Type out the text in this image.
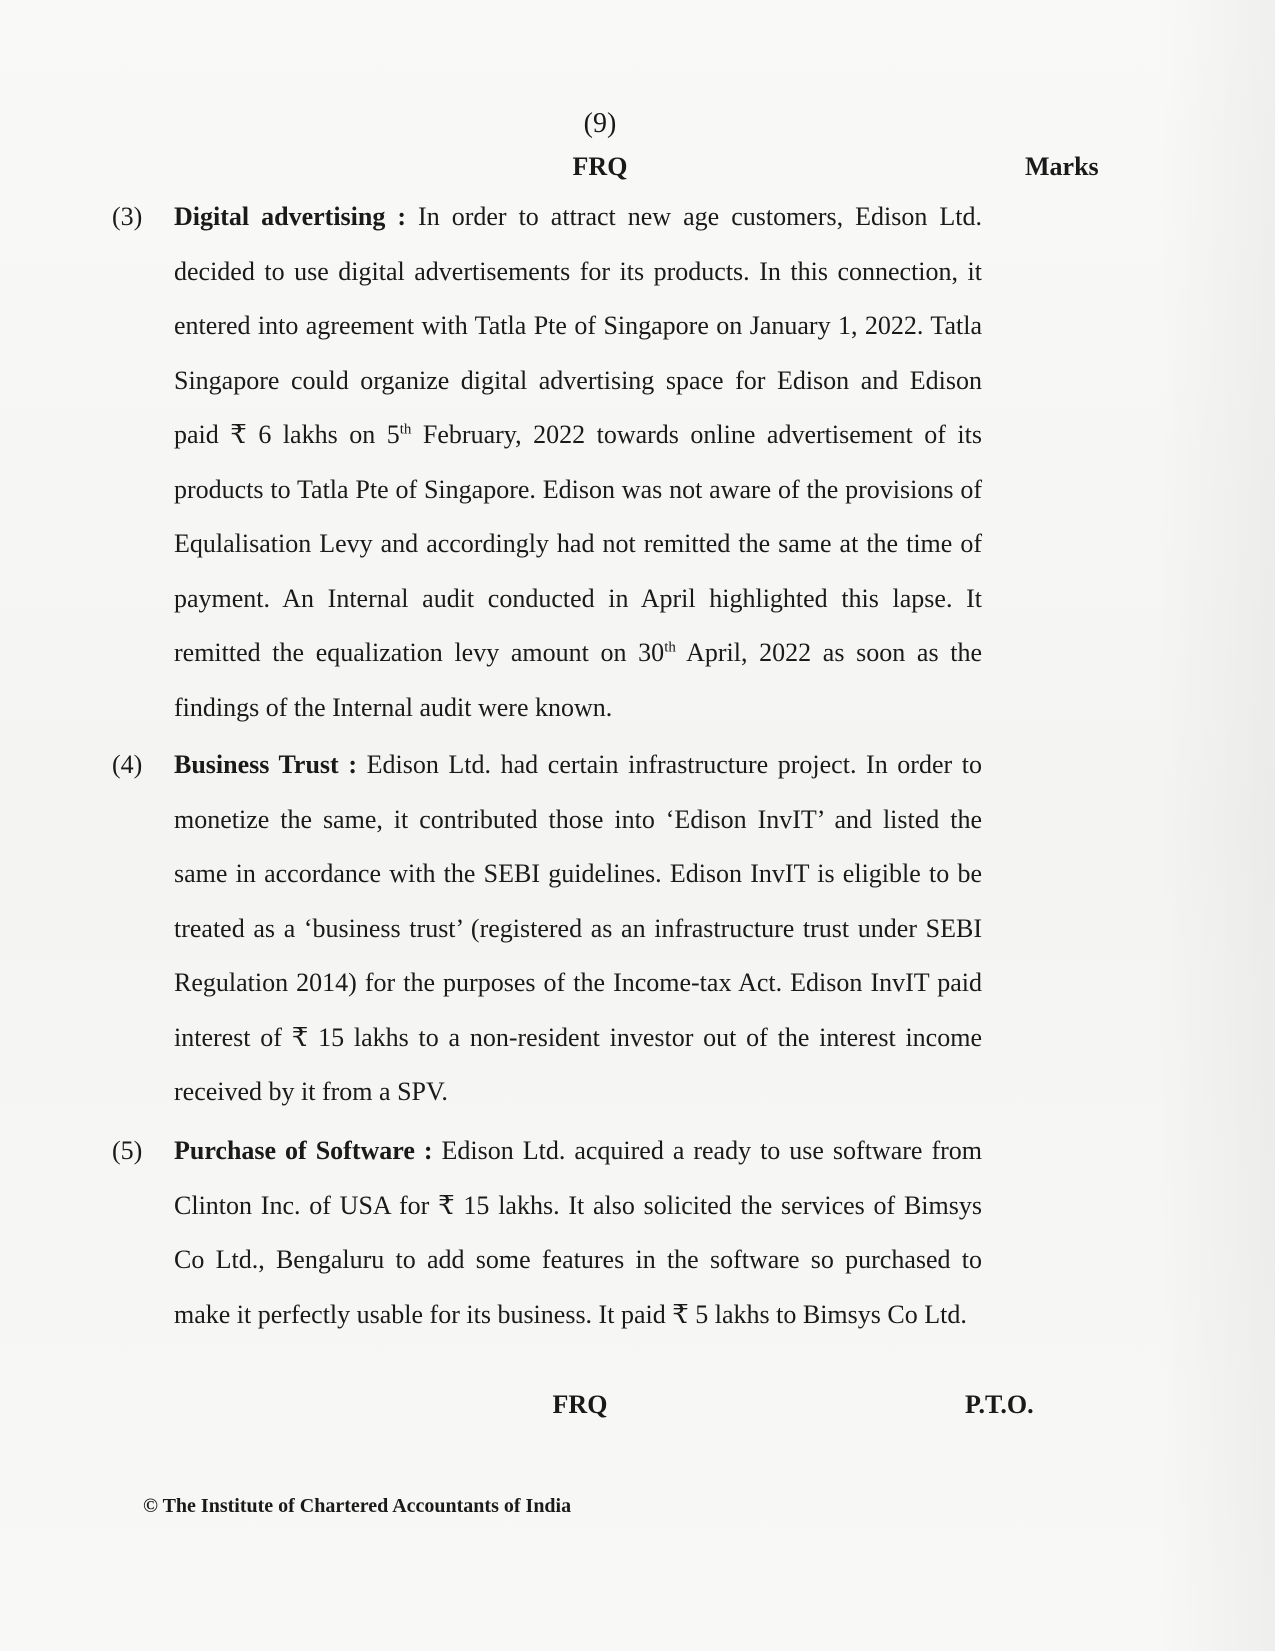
(9)
FRQ	Marks
(3) Digital advertising : In order to attract new age customers, Edison Ltd. decided to use digital advertisements for its products. In this connection, it entered into agreement with Tatla Pte of Singapore on January 1, 2022. Tatla Singapore could organize digital advertising space for Edison and Edison paid ₹ 6 lakhs on 5th February, 2022 towards online advertisement of its products to Tatla Pte of Singapore. Edison was not aware of the provisions of Equlalisation Levy and accordingly had not remitted the same at the time of payment. An Internal audit conducted in April highlighted this lapse. It remitted the equalization levy amount on 30th April, 2022 as soon as the findings of the Internal audit were known.
(4) Business Trust : Edison Ltd. had certain infrastructure project. In order to monetize the same, it contributed those into ‘Edison InvIT’ and listed the same in accordance with the SEBI guidelines. Edison InvIT is eligible to be treated as a ‘business trust’ (registered as an infrastructure trust under SEBI Regulation 2014) for the purposes of the Income-tax Act. Edison InvIT paid interest of ₹ 15 lakhs to a non-resident investor out of the interest income received by it from a SPV.
(5) Purchase of Software : Edison Ltd. acquired a ready to use software from Clinton Inc. of USA for ₹ 15 lakhs. It also solicited the services of Bimsys Co Ltd., Bengaluru to add some features in the software so purchased to make it perfectly usable for its business. It paid ₹ 5 lakhs to Bimsys Co Ltd.
FRQ	P.T.O.
© The Institute of Chartered Accountants of India
